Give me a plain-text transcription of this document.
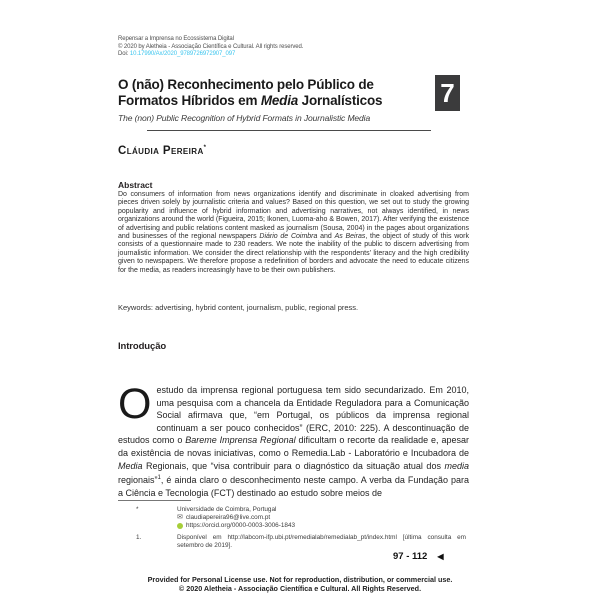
Repensar a Imprensa no Ecossistema Digital
© 2020 by Aletheia - Associação Científica e Cultural. All rights reserved.
Doi: 10.17990/Ax/2020_9789726972907_097
O (não) Reconhecimento pelo Público de
Formatos Híbridos em Media Jornalísticos
The (non) Public Recognition of Hybrid Formats in Journalistic Media
7
Cláudia Pereira*
Abstract
Do consumers of information from news organizations identify and discriminate in cloaked advertising from pieces driven solely by journalistic criteria and values? Based on this question, we set out to study the growing popularity and influence of hybrid information and advertising narratives, not always identified, in news organizations around the world (Figueira, 2015; Ikonen, Luoma-aho & Bowen, 2017). After verifying the existence of advertising and public relations content masked as journalism (Sousa, 2004) in the pages about organizations and businesses of the regional newspapers Diário de Coimbra and As Beiras, the object of study of this work consists of a questionnaire made to 230 readers. We note the inability of the public to discern advertising from journalistic information. We consider the direct relationship with the respondents’ literacy and the high credibility given to newspapers. We therefore propose a redefinition of borders and advocate the need to educate citizens for the media, as readers increasingly have to be their own publishers.
Keywords: advertising, hybrid content, journalism, public, regional press.
Introdução
Oestudo da imprensa regional portuguesa tem sido secundarizado. Em 2010, uma pesquisa com a chancela da Entidade Reguladora para a Comunicação Social afirmava que, “em Portugal, os públicos da imprensa regional continuam a ser pouco conhecidos” (ERC, 2010: 225). A descontinuação de estudos como o Bareme Imprensa Regional dificultam o recorte da realidade e, apesar da existência de novas iniciativas, como o Remedia.Lab - Laboratório e Incubadora de Media Regionais, que “visa contribuir para o diagnóstico da situação atual dos media regionais”$^1$, é ainda claro o desconhecimento neste campo. A verba da Fundação para a Ciência e Tecnologia (FCT) destinado ao estudo sobre meios de
*	Universidade de Coimbra, Portugal
✉ claudiapereira96@live.com.pt
https://orcid.org/0000-0003-3006-1843
1.	Disponível em http://labcom-ifp.ubi.pt/remedialab/remedialab_pt/index.html [última consulta em setembro de 2019].
97 - 112 ◀
Provided for Personal License use. Not for reproduction, distribution, or commercial use.
© 2020 Aletheia - Associação Científica e Cultural. All Rights Reserved.
